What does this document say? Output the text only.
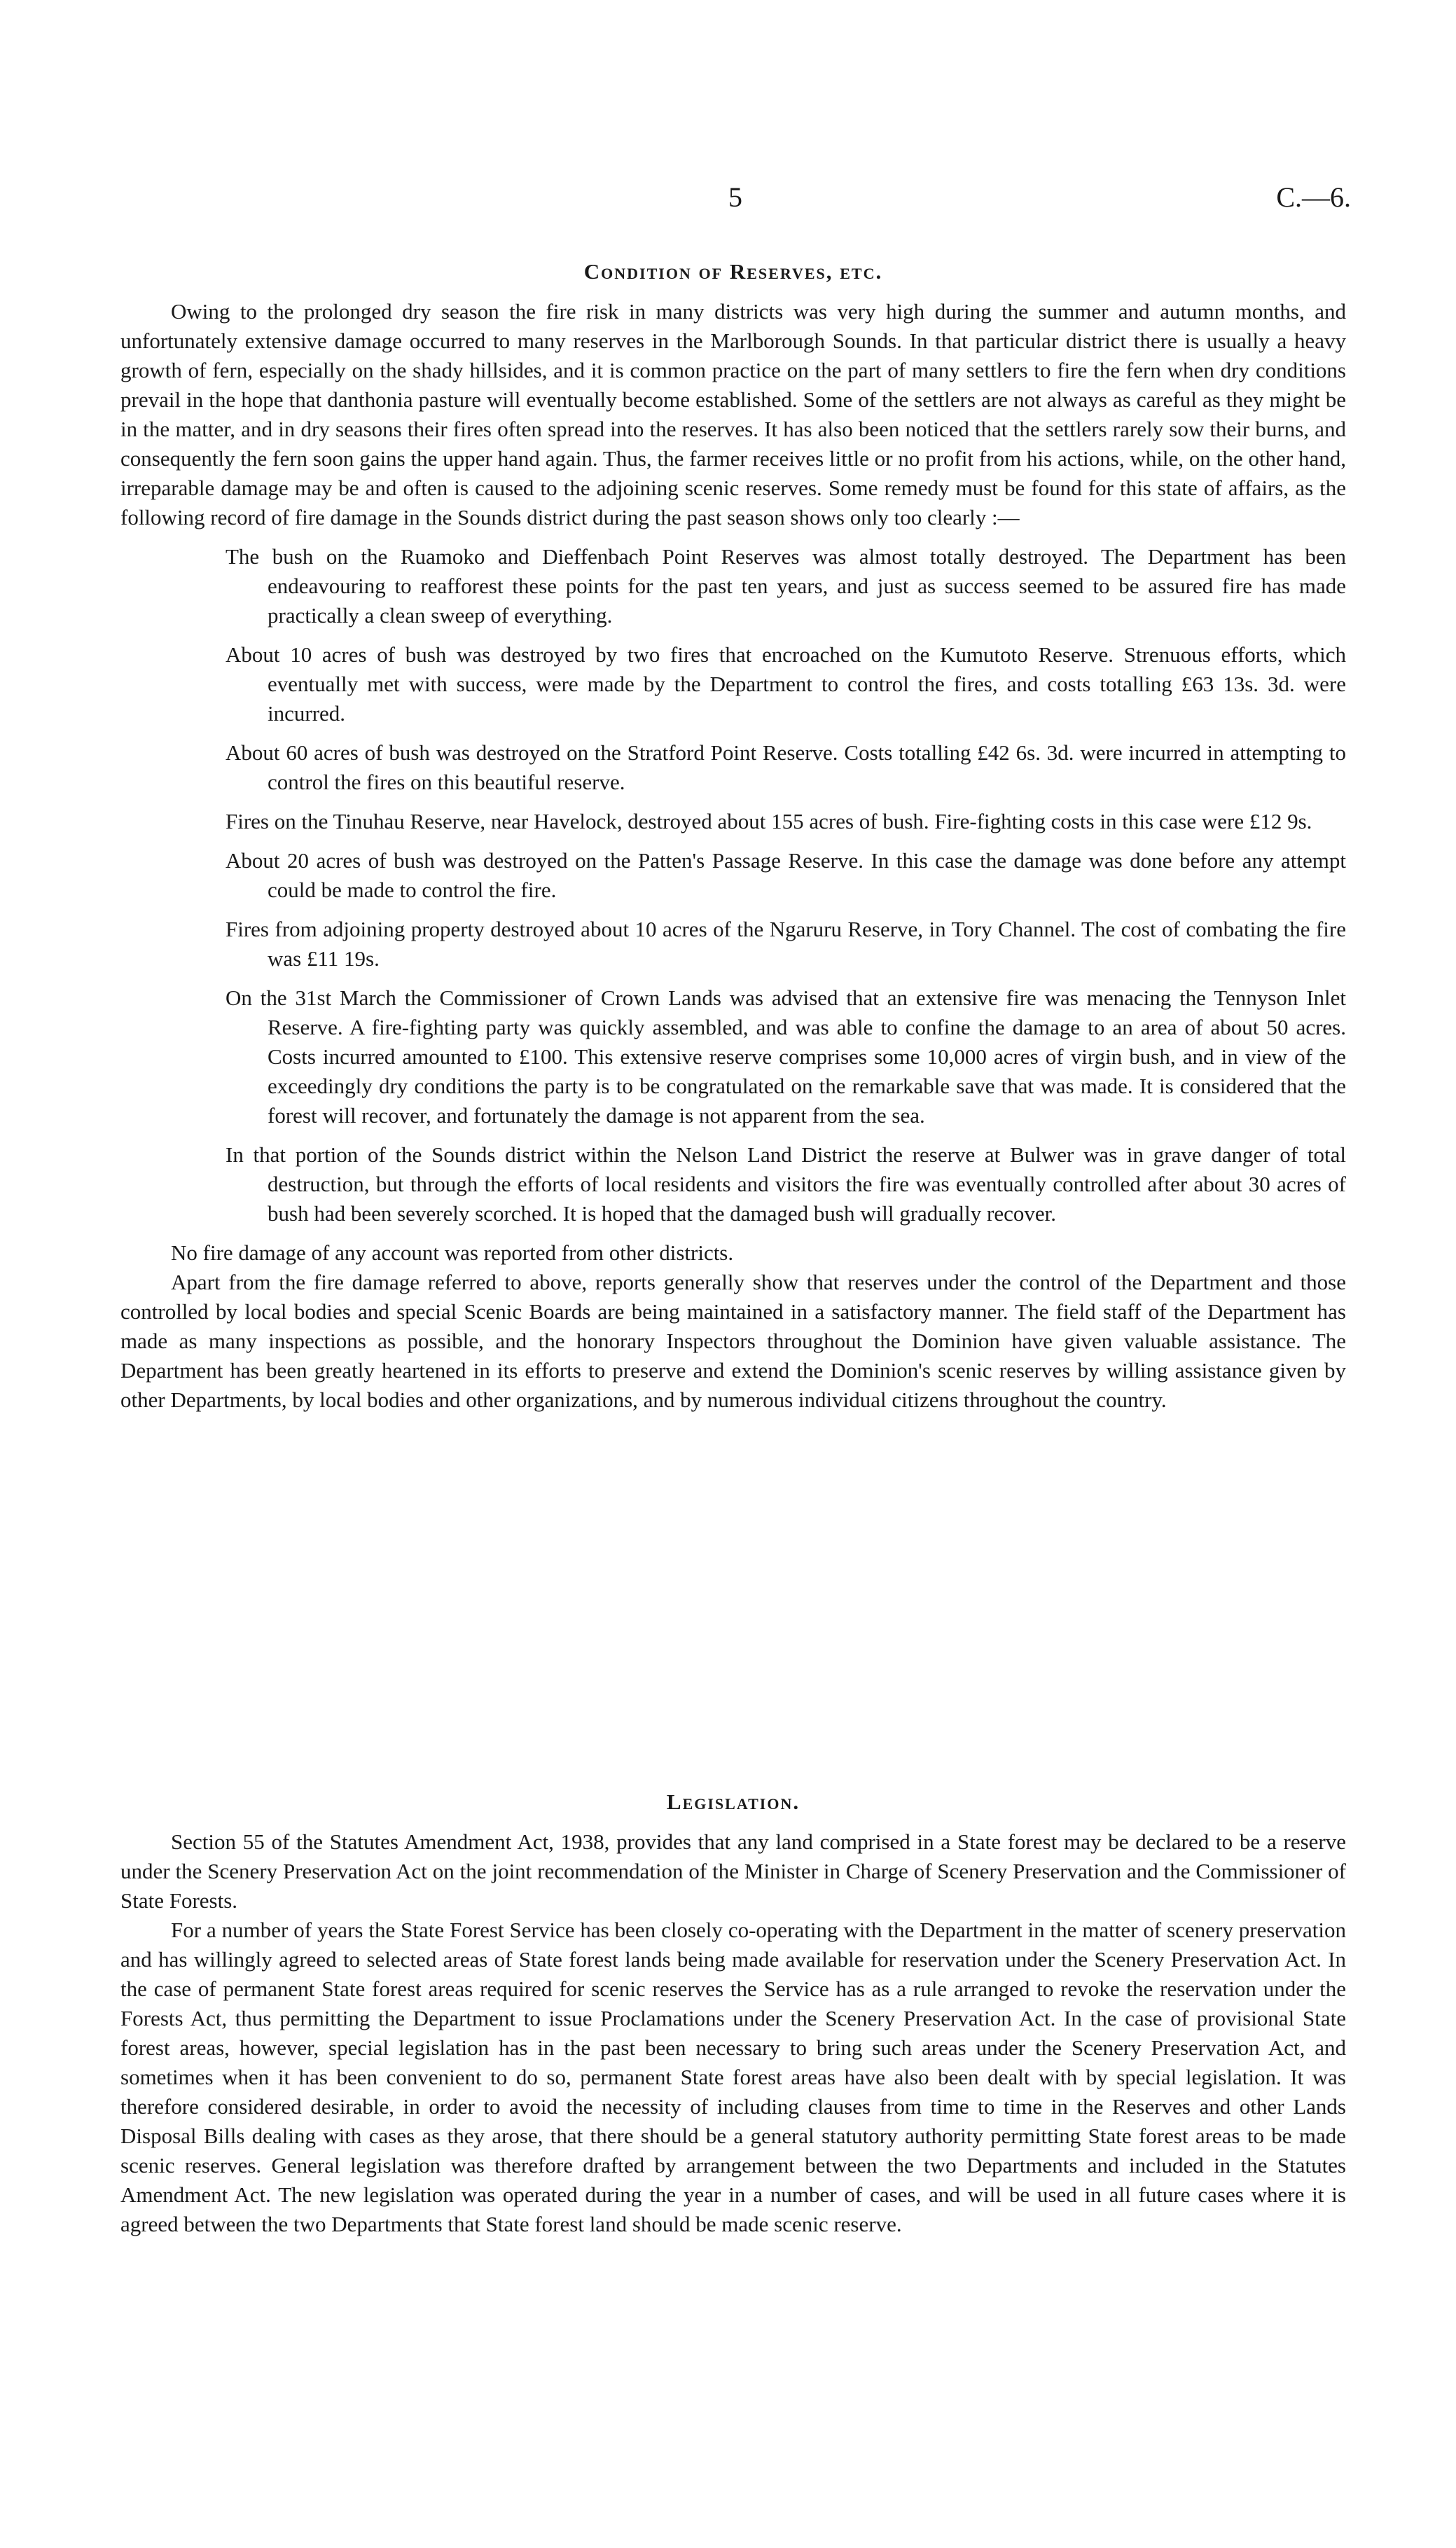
5	C.—6.
Condition of Reserves, etc.

Owing to the prolonged dry season the fire risk in many districts was very high during the summer and autumn months, and unfortunately extensive damage occurred to many reserves in the Marlborough Sounds. In that particular district there is usually a heavy growth of fern, especially on the shady hillsides, and it is common practice on the part of many settlers to fire the fern when dry conditions prevail in the hope that danthonia pasture will eventually become established. Some of the settlers are not always as careful as they might be in the matter, and in dry seasons their fires often spread into the reserves. It has also been noticed that the settlers rarely sow their burns, and consequently the fern soon gains the upper hand again. Thus, the farmer receives little or no profit from his actions, while, on the other hand, irreparable damage may be and often is caused to the adjoining scenic reserves. Some remedy must be found for this state of affairs, as the following record of fire damage in the Sounds district during the past season shows only too clearly :—

The bush on the Ruamoko and Dieffenbach Point Reserves was almost totally destroyed. The Department has been endeavouring to reafforest these points for the past ten years, and just as success seemed to be assured fire has made practically a clean sweep of everything.

About 10 acres of bush was destroyed by two fires that encroached on the Kumutoto Reserve. Strenuous efforts, which eventually met with success, were made by the Department to control the fires, and costs totalling £63 13s. 3d. were incurred.

About 60 acres of bush was destroyed on the Stratford Point Reserve. Costs totalling £42 6s. 3d. were incurred in attempting to control the fires on this beautiful reserve.

Fires on the Tinuhau Reserve, near Havelock, destroyed about 155 acres of bush. Fire-fighting costs in this case were £12 9s.

About 20 acres of bush was destroyed on the Patten's Passage Reserve. In this case the damage was done before any attempt could be made to control the fire.

Fires from adjoining property destroyed about 10 acres of the Ngaruru Reserve, in Tory Channel. The cost of combating the fire was £11 19s.

On the 31st March the Commissioner of Crown Lands was advised that an extensive fire was menacing the Tennyson Inlet Reserve. A fire-fighting party was quickly assembled, and was able to confine the damage to an area of about 50 acres. Costs incurred amounted to £100. This extensive reserve comprises some 10,000 acres of virgin bush, and in view of the exceedingly dry conditions the party is to be congratulated on the remarkable save that was made. It is considered that the forest will recover, and fortunately the damage is not apparent from the sea.

In that portion of the Sounds district within the Nelson Land District the reserve at Bulwer was in grave danger of total destruction, but through the efforts of local residents and visitors the fire was eventually controlled after about 30 acres of bush had been severely scorched. It is hoped that the damaged bush will gradually recover.

No fire damage of any account was reported from other districts.

Apart from the fire damage referred to above, reports generally show that reserves under the control of the Department and those controlled by local bodies and special Scenic Boards are being maintained in a satisfactory manner. The field staff of the Department has made as many inspections as possible, and the honorary Inspectors throughout the Dominion have given valuable assistance. The Department has been greatly heartened in its efforts to preserve and extend the Dominion's scenic reserves by willing assistance given by other Departments, by local bodies and other organizations, and by numerous individual citizens throughout the country.

Legislation.

Section 55 of the Statutes Amendment Act, 1938, provides that any land comprised in a State forest may be declared to be a reserve under the Scenery Preservation Act on the joint recommendation of the Minister in Charge of Scenery Preservation and the Commissioner of State Forests.

For a number of years the State Forest Service has been closely co-operating with the Department in the matter of scenery preservation and has willingly agreed to selected areas of State forest lands being made available for reservation under the Scenery Preservation Act. In the case of permanent State forest areas required for scenic reserves the Service has as a rule arranged to revoke the reservation under the Forests Act, thus permitting the Department to issue Proclamations under the Scenery Preservation Act. In the case of provisional State forest areas, however, special legislation has in the past been necessary to bring such areas under the Scenery Preservation Act, and sometimes when it has been convenient to do so, permanent State forest areas have also been dealt with by special legislation. It was therefore considered desirable, in order to avoid the necessity of including clauses from time to time in the Reserves and other Lands Disposal Bills dealing with cases as they arose, that there should be a general statutory authority permitting State forest areas to be made scenic reserves. General legislation was therefore drafted by arrangement between the two Departments and included in the Statutes Amendment Act. The new legislation was operated during the year in a number of cases, and will be used in all future cases where it is agreed between the two Departments that State forest land should be made scenic reserve.
